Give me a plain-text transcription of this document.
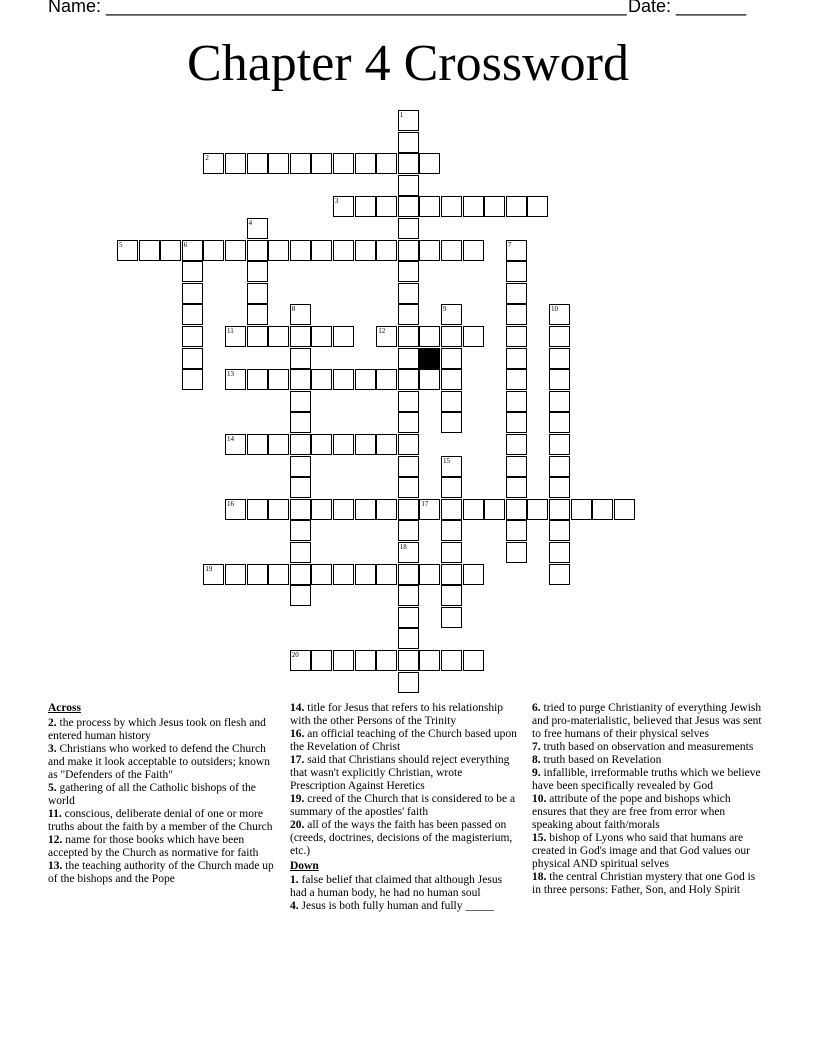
Name: ____________________________________________________ Date: _______
Chapter 4 Crossword
1
2
3
4
5	6	7
8	9	10
11	12
13
14
15
16	17
18
19
20

Across

2. the process by which Jesus took on flesh and entered human history

3. Christians who worked to defend the Church and make it look acceptable to outsiders; known as "Defenders of the Faith"

5. gathering of all the Catholic bishops of the world

11. conscious, deliberate denial of one or more truths about the faith by a member of the Church

12. name for those books which have been accepted by the Church as normative for faith

13. the teaching authority of the Church made up of the bishops and the Pope

14. title for Jesus that refers to his relationship with the other Persons of the Trinity

16. an official teaching of the Church based upon the Revelation of Christ

17. said that Christians should reject everything that wasn't explicitly Christian, wrote Prescription Against Heretics

19. creed of the Church that is considered to be a summary of the apostles' faith

20. all of the ways the faith has been passed on (creeds, doctrines, decisions of the magisterium, etc.)

Down

1. false belief that claimed that although Jesus had a human body, he had no human soul

4. Jesus is both fully human and fully _____

6. tried to purge Christianity of everything Jewish and pro-materialistic, believed that Jesus was sent to free humans of their physical selves

7. truth based on observation and measurements

8. truth based on Revelation

9. infallible, irreformable truths which we believe have been specifically revealed by God

10. attribute of the pope and bishops which ensures that they are free from error when speaking about faith/morals

15. bishop of Lyons who said that humans are created in God's image and that God values our physical AND spiritual selves

18. the central Christian mystery that one God is in three persons: Father, Son, and Holy Spirit
